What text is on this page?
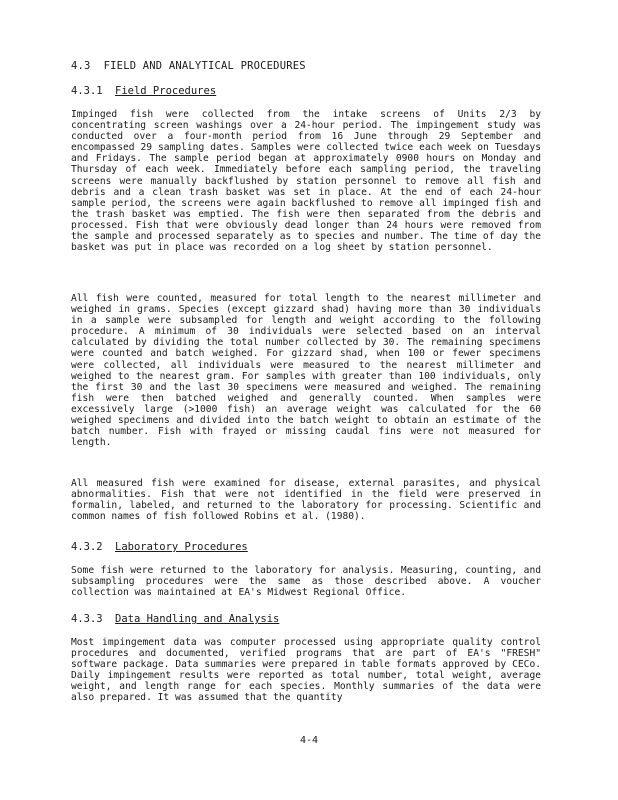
4.3 FIELD AND ANALYTICAL PROCEDURES
4.3.1 Field Procedures

Impinged fish were collected from the intake screens of Units 2/3 by concentrating screen washings over a 24-hour period. The impingement study was conducted over a four-month period from 16 June through 29 September and encompassed 29 sampling dates. Samples were collected twice each week on Tuesdays and Fridays. The sample period began at approximately 0900 hours on Monday and Thursday of each week. Immediately before each sampling period, the traveling screens were manually backflushed by station personnel to remove all fish and debris and a clean trash basket was set in place. At the end of each 24-hour sample period, the screens were again backflushed to remove all impinged fish and the trash basket was emptied. The fish were then separated from the debris and processed. Fish that were obviously dead longer than 24 hours were removed from the sample and processed separately as to species and number. The time of day the basket was put in place was recorded on a log sheet by station personnel.

All fish were counted, measured for total length to the nearest millimeter and weighed in grams. Species (except gizzard shad) having more than 30 individuals in a sample were subsampled for length and weight according to the following procedure. A minimum of 30 individuals were selected based on an interval calculated by dividing the total number collected by 30. The remaining specimens were counted and batch weighed. For gizzard shad, when 100 or fewer specimens were collected, all individuals were measured to the nearest millimeter and weighed to the nearest gram. For samples with greater than 100 individuals, only the first 30 and the last 30 specimens were measured and weighed. The remaining fish were then batched weighed and generally counted. When samples were excessively large (>1000 fish) an average weight was calculated for the 60 weighed specimens and divided into the batch weight to obtain an estimate of the batch number. Fish with frayed or missing caudal fins were not measured for length.

All measured fish were examined for disease, external parasites, and physical abnormalities. Fish that were not identified in the field were preserved in formalin, labeled, and returned to the laboratory for processing. Scientific and common names of fish followed Robins et al. (1980).

4.3.2 Laboratory Procedures

Some fish were returned to the laboratory for analysis. Measuring, counting, and subsampling procedures were the same as those described above. A voucher collection was maintained at EA's Midwest Regional Office.

4.3.3 Data Handling and Analysis

Most impingement data was computer processed using appropriate quality control procedures and documented, verified programs that are part of EA's "FRESH" software package. Data summaries were prepared in table formats approved by CECo. Daily impingement results were reported as total number, total weight, average weight, and length range for each species. Monthly summaries of the data were also prepared. It was assumed that the quantity

4-4
